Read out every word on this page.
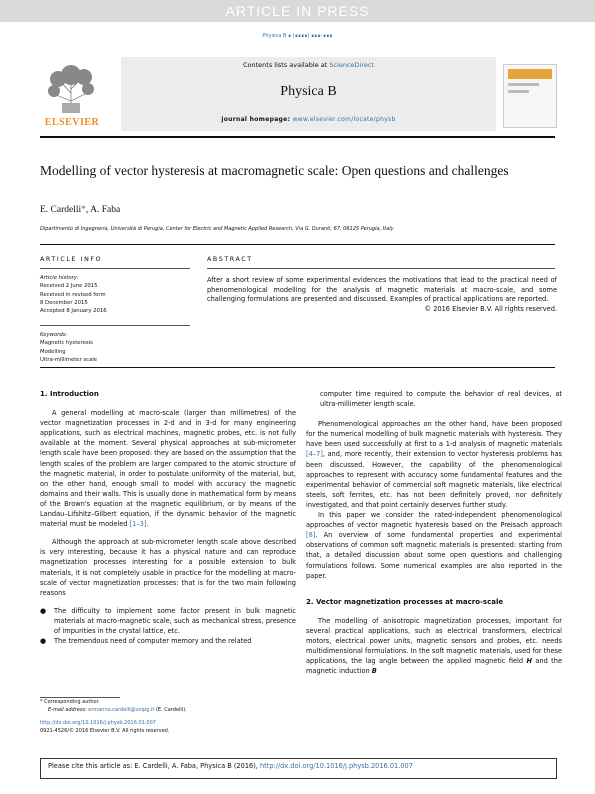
ARTICLE IN PRESS
Physica B ∎ (∎∎∎∎) ∎∎∎–∎∎∎
ELSEVIER
Contents lists available at ScienceDirect
Physica B
journal homepage: www.elsevier.com/locate/physb
Modelling of vector hysteresis at macromagnetic scale: Open questions and challenges
E. Cardelli*, A. Faba
Dipartimento di Ingegneria, Università di Perugia, Center for Electric and Magnetic Applied Research, Via G. Duranti, 67, 06125 Perugia, Italy
ARTICLE INFO
Article history:
Received 2 June 2015
Received in revised form
8 December 2015
Accepted 8 January 2016
Keywords:
Magnetic hysteresis
Modelling
Ultra-millimeter scale
ABSTRACT
After a short review of some experimental evidences the motivations that lead to the practical need of phenomenological modelling for the analysis of magnetic materials at macro-scale, and some challenging formulations are presented and discussed. Examples of practical applications are reported.
© 2016 Elsevier B.V. All rights reserved.
1. Introduction

A general modelling at macro-scale (larger than millimetres) of the vector magnetization processes in 2-d and in 3-d for many engineering applications, such as electrical machines, magnetic probes, etc. is not fully available at the moment. Several physical approaches at sub-micrometer length scale have been proposed: they are based on the assumption that the length scales of the problem are larger compared to the atomic structure of the magnetic material, in order to postulate uniformity of the material, but, on the other hand, enough small to model with accuracy the magnetic domains and their walls. This is usually done in mathematical form by means of the Brown's equation at the magnetic equilibrium, or by means of the Landau–Lifshitz–Gilbert equation, if the dynamic behavior of the magnetic material must be modeled [1–3].

Although the approach at sub-micrometer length scale above described is very interesting, because it has a physical nature and can reproduce magnetization processes interesting for a possible extension to bulk materials, it is not completely usable in practice for the modelling at macro-scale of vector magnetization processes: that is for the two main following reasons

● The difficulty to implement some factor present in bulk magnetic materials at macro-magnetic scale, such as mechanical stress, presence of impurities in the crystal lattice, etc.
● The tremendous need of computer memory and the related
* Corresponding author.
E-mail address: ermanno.cardelli@unipg.it (E. Cardelli).
http://dx.doi.org/10.1016/j.physb.2016.01.007
0921-4526/© 2016 Elsevier B.V. All rights reserved.

computer time required to compute the behavior of real devices, at ultra-millimeter length scale.

Phenomenological approaches on the other hand, have been proposed for the numerical modelling of bulk magnetic materials with hysteresis. They have been used successfully at first to a 1-d analysis of magnetic materials [4–7], and, more recently, their extension to vector hysteresis problems has been discussed. However, the capability of the phenomenological approaches to represent with accuracy some fundamental features and the experimental behavior of commercial soft magnetic materials, like electrical steels, soft ferrites, etc. has not been definitely proved, nor definitely investigated, and that point certainly deserves further study.

In this paper we consider the rated-independent phenomenological approaches of vector magnetic hysteresis based on the Preisach approach [8]. An overview of some fundamental properties and experimental observations of common soft magnetic materials is presented: starting from that, a detailed discussion about some open questions and challenging formulations follows. Some numerical examples are also reported in the paper.

2. Vector magnetization processes at macro-scale

The modelling of anisotropic magnetization processes, important for several practical applications, such as electrical transformers, electrical motors, electrical power units, magnetic sensors and probes, etc. needs multidimensional formulations. In the soft magnetic materials, used for these applications, the lag angle between the applied magnetic field H and the magnetic induction B

Please cite this article as: E. Cardelli, A. Faba, Physica B (2016), http://dx.doi.org/10.1016/j.physb.2016.01.007
